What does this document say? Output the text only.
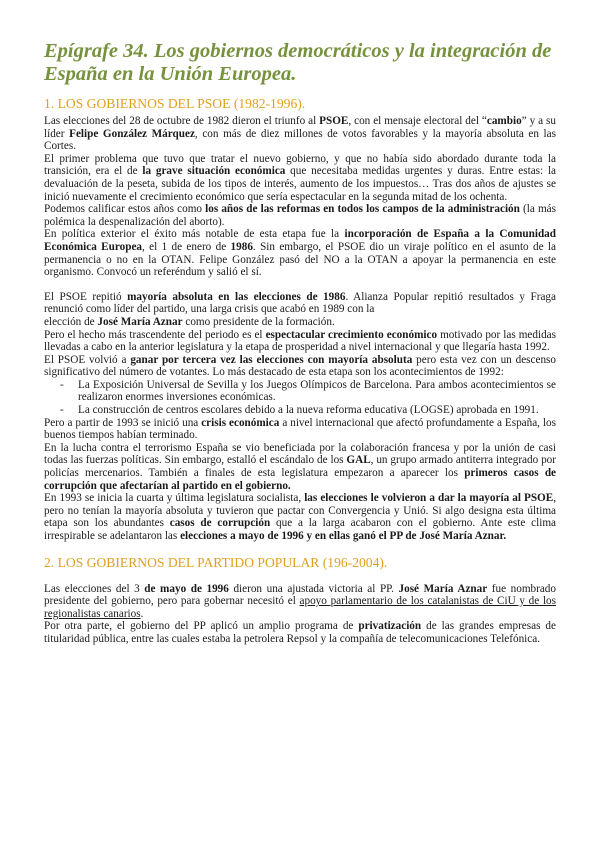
Epígrafe 34. Los gobiernos democráticos y la integración de España en la Unión Europea.
1. LOS GOBIERNOS DEL PSOE (1982-1996).

Las elecciones del 28 de octubre de 1982 dieron el triunfo al PSOE, con el mensaje electoral del “cambio” y a su líder Felipe González Márquez, con más de diez millones de votos favorables y la mayoría absoluta en las Cortes.

El primer problema que tuvo que tratar el nuevo gobierno, y que no había sido abordado durante toda la transición, era el de la grave situación económica que necesitaba medidas urgentes y duras. Entre estas: la devaluación de la peseta, subida de los tipos de interés, aumento de los impuestos… Tras dos años de ajustes se inició nuevamente el crecimiento económico que sería espectacular en la segunda mitad de los ochenta.

Podemos calificar estos años como los años de las reformas en todos los campos de la administración (la más polémica la despenalización del aborto).

En política exterior el éxito más notable de esta etapa fue la incorporación de España a la Comunidad Económica Europea, el 1 de enero de 1986. Sin embargo, el PSOE dio un viraje político en el asunto de la permanencia o no en la OTAN. Felipe González pasó del NO a la OTAN a apoyar la permanencia en este organismo. Convocó un referéndum y salió el sí.

El PSOE repitió mayoría absoluta en las elecciones de 1986. Alianza Popular repitió resultados y Fraga renunció como líder del partido, una larga crisis que acabó en 1989 con la

elección de José María Aznar como presidente de la formación.

Pero el hecho más trascendente del periodo es el espectacular crecimiento económico motivado por las medidas llevadas a cabo en la anterior legislatura y la etapa de prosperidad a nivel internacional y que llegaría hasta 1992.

El PSOE volvió a ganar por tercera vez las elecciones con mayoría absoluta pero esta vez con un descenso significativo del número de votantes. Lo más destacado de esta etapa son los acontecimientos de 1992:

- La Exposición Universal de Sevilla y los Juegos Olímpicos de Barcelona. Para ambos acontecimientos se realizaron enormes inversiones económicas.
- La construcción de centros escolares debido a la nueva reforma educativa (LOGSE) aprobada en 1991.

Pero a partir de 1993 se inició una crisis económica a nivel internacional que afectó profundamente a España, los buenos tiempos habían terminado.

En la lucha contra el terrorismo España se vio beneficiada por la colaboración francesa y por la unión de casi todas las fuerzas políticas. Sin embargo, estalló el escándalo de los GAL, un grupo armado antiterra integrado por policías mercenarios. También a finales de esta legislatura empezaron a aparecer los primeros casos de corrupción que afectarían al partido en el gobierno.

En 1993 se inicia la cuarta y última legislatura socialista, las elecciones le volvieron a dar la mayoría al PSOE, pero no tenían la mayoría absoluta y tuvieron que pactar con Convergencia y Unió. Si algo designa esta última etapa son los abundantes casos de corrupción que a la larga acabaron con el gobierno. Ante este clima irrespirable se adelantaron las elecciones a mayo de 1996 y en ellas ganó el PP de José María Aznar.

2. LOS GOBIERNOS DEL PARTIDO POPULAR (196-2004).

Las elecciones del 3 de mayo de 1996 dieron una ajustada victoria al PP. José María Aznar fue nombrado presidente del gobierno, pero para gobernar necesitó el apoyo parlamentario de los catalanistas de CiU y de los regionalistas canarios.

Por otra parte, el gobierno del PP aplicó un amplio programa de privatización de las grandes empresas de titularidad pública, entre las cuales estaba la petrolera Repsol y la compañía de telecomunicaciones Telefónica.
